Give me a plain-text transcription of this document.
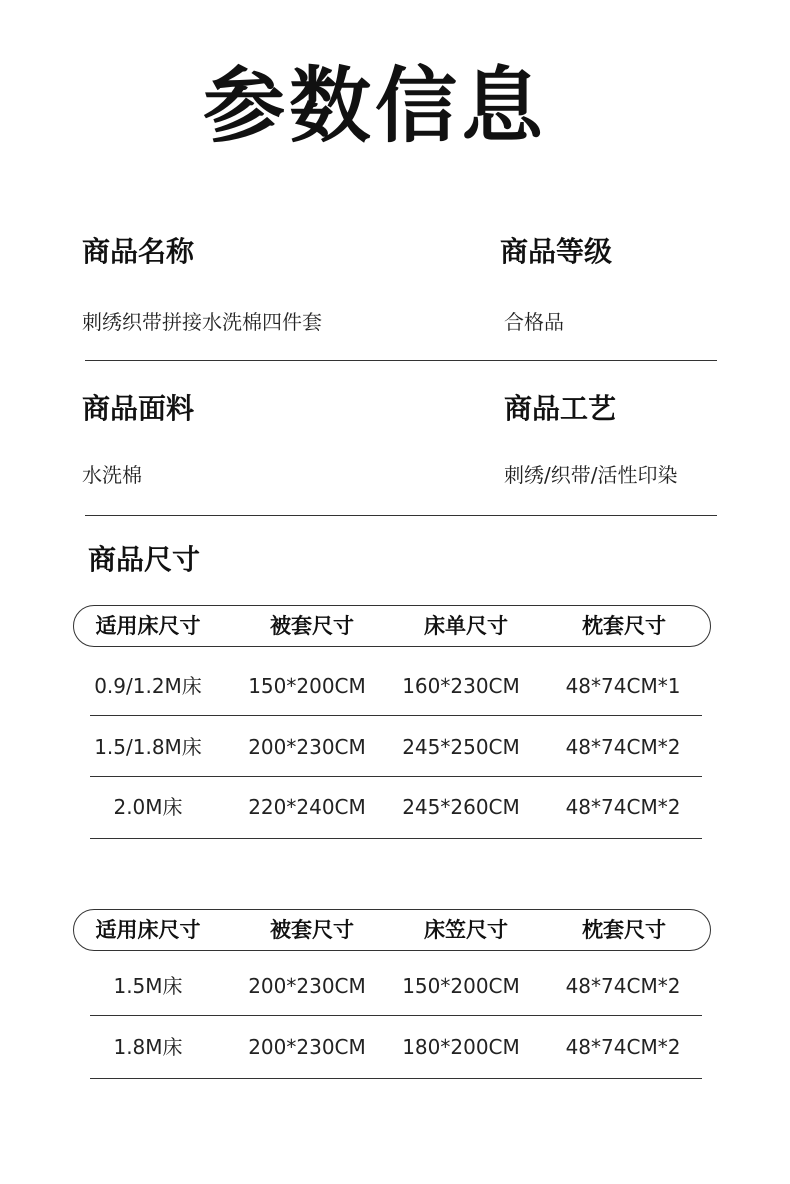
参数信息
商品名称	商品等级
刺绣织带拼接水洗棉四件套	合格品
商品面料	商品工艺
水洗棉	刺绣/织带/活性印染
商品尺寸
适用床尺寸	被套尺寸	床单尺寸	枕套尺寸
0.9/1.2M床	150*200CM	160*230CM	48*74CM*1
1.5/1.8M床	200*230CM	245*250CM	48*74CM*2
2.0M床	220*240CM	245*260CM	48*74CM*2
适用床尺寸	被套尺寸	床笠尺寸	枕套尺寸
1.5M床	200*230CM	150*200CM	48*74CM*2
1.8M床	200*230CM	180*200CM	48*74CM*2
